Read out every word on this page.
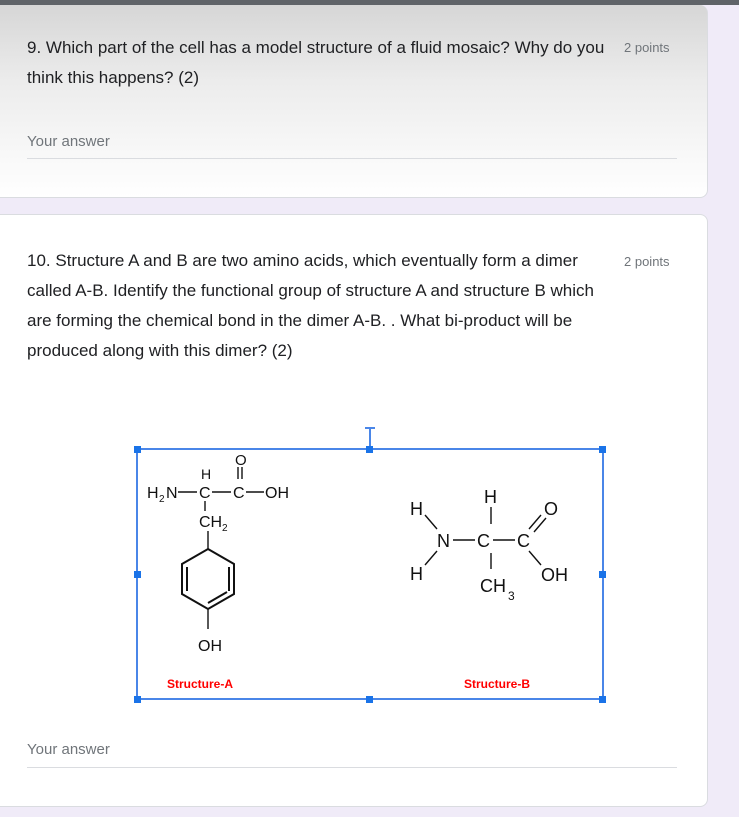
9. Which part of the cell has a model structure of a fluid mosaic? Why do you think this happens? (2)
2 points
Your answer
10. Structure A and B are two amino acids, which eventually form a dimer called A-B. Identify the functional group of structure A and structure B which are forming the chemical bond in the dimer A-B. . What bi-product will be produced along with this dimer? (2)
2 points
Your answer
O
H
H 2 N C C OH
CH 2
OH
Structure-A
H
H
H
N C C
O
OH
CH 3
Structure-B
